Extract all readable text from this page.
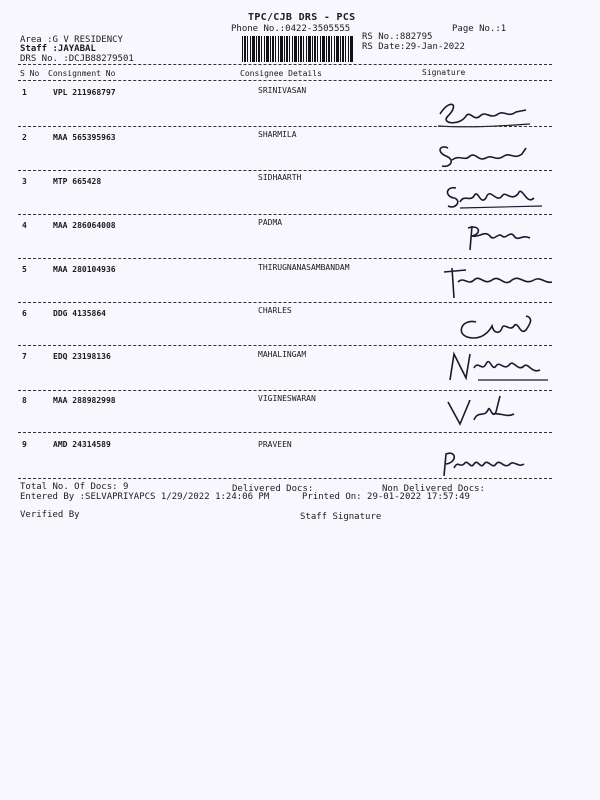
TPC/CJB DRS - PCS
Phone No.:0422-3505555	Page No.:1
Area :G V RESIDENCY
Staff :JAYABAL
DRS No. :DCJB88279501
RS No.:882795
RS Date:29-Jan-2022
S No Consignment No	Consignee Details	Signature
1	VPL 211968797	SRINIVASAN
2	MAA 565395963	SHARMILA
3	MTP 665428	SIDHAARTH
4	MAA 286064008	PADMA
5	MAA 280104936	THIRUGNANASAMBANDAM
6	DDG 4135864	CHARLES
7	EDQ 23198136	MAHALINGAM
8	MAA 288982998	VIGINESWARAN
9	AMD 24314589	PRAVEEN
Total No. Of Docs: 9	Delivered Docs:	Non Delivered Docs:
Entered By :SELVAPRIYAPCS 1/29/2022 1:24:06 PM	Printed On: 29-01-2022 17:57:49
Verified By	Staff Signature
